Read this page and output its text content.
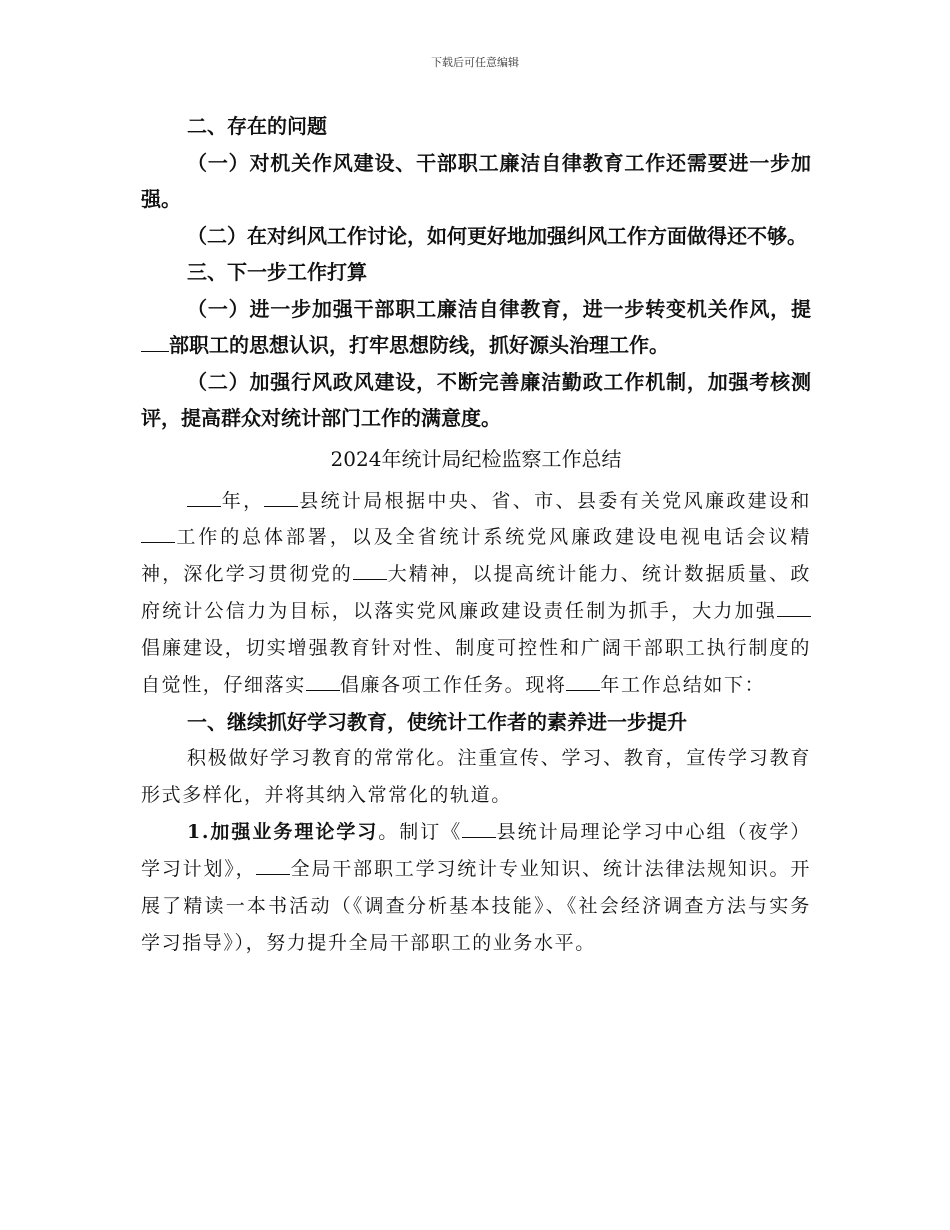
下载后可任意编辑

二、存在的问题

（一）对机关作风建设、干部职工廉洁自律教育工作还需要进一步加强。

（二）在对纠风工作讨论，如何更好地加强纠风工作方面做得还不够。

三、下一步工作打算

（一）进一步加强干部职工廉洁自律教育，进一步转变机关作风，提部职工的思想认识，打牢思想防线，抓好源头治理工作。

（二）加强行风政风建设，不断完善廉洁勤政工作机制，加强考核测评，提高群众对统计部门工作的满意度。

2024年统计局纪检监察工作总结

年， 县统计局根据中央、省、市、县委有关党风廉政建设和工作的总体部署，以及全省统计系统党风廉政建设电视电话会议精神，深化学习贯彻党的 大精神，以提高统计能力、统计数据质量、政府统计公信力为目标，以落实党风廉政建设责任制为抓手，大力加强倡廉建设，切实增强教育针对性、制度可控性和广阔干部职工执行制度的自觉性，仔细落实 倡廉各项工作任务。现将 年工作总结如下：

一、继续抓好学习教育，使统计工作者的素养进一步提升

积极做好学习教育的常常化。注重宣传、学习、教育，宣传学习教育形式多样化，并将其纳入常常化的轨道。

1.加强业务理论学习。制订《 县统计局理论学习中心组（夜学）学习计划》， 全局干部职工学习统计专业知识、统计法律法规知识。开展了精读一本书活动（《调查分析基本技能》、《社会经济调查方法与实务学习指导》），努力提升全局干部职工的业务水平。
